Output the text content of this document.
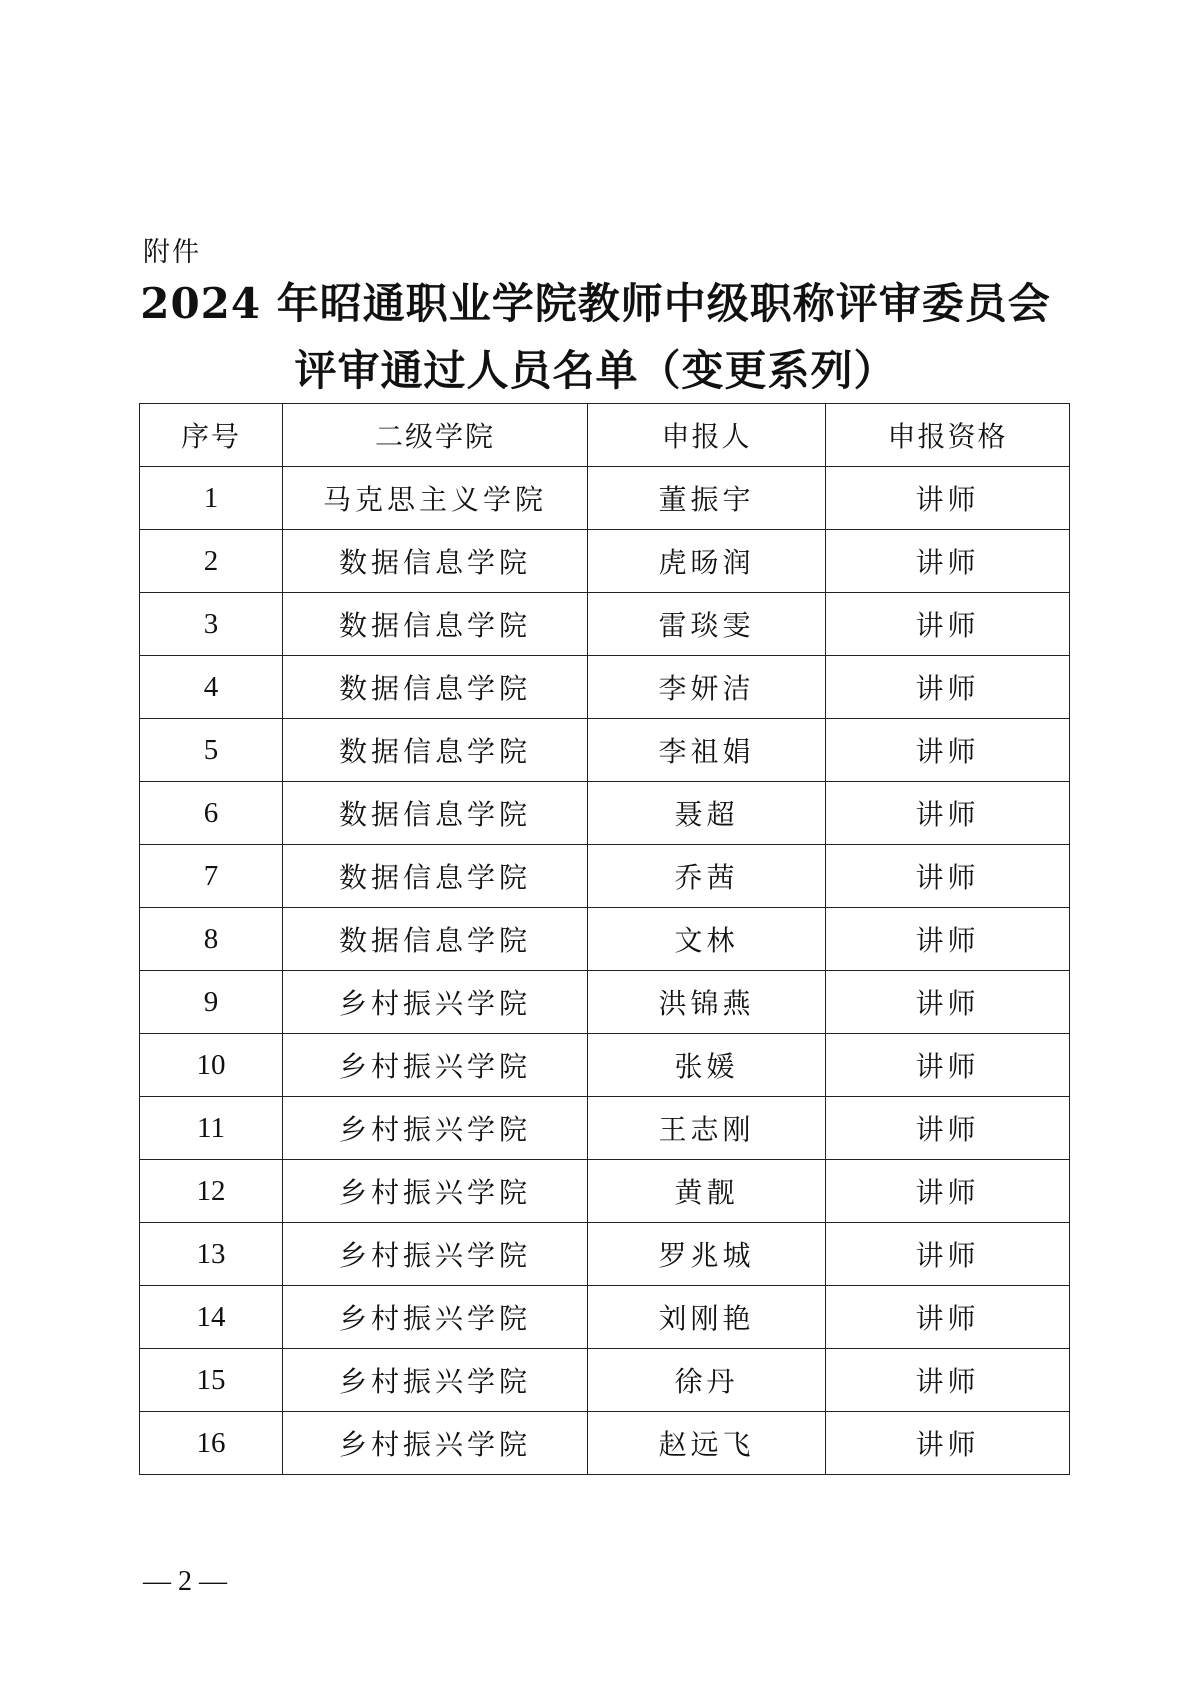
附件
2024 年昭通职业学院教师中级职称评审委员会
评审通过人员名单（变更系列）
序号	二级学院	申报人	申报资格
1	马克思主义学院	董振宇	讲师
2	数据信息学院	虎旸润	讲师
3	数据信息学院	雷琰雯	讲师
4	数据信息学院	李妍洁	讲师
5	数据信息学院	李祖娟	讲师
6	数据信息学院	聂超	讲师
7	数据信息学院	乔茜	讲师
8	数据信息学院	文林	讲师
9	乡村振兴学院	洪锦燕	讲师
10	乡村振兴学院	张媛	讲师
11	乡村振兴学院	王志刚	讲师
12	乡村振兴学院	黄靓	讲师
13	乡村振兴学院	罗兆城	讲师
14	乡村振兴学院	刘刚艳	讲师
15	乡村振兴学院	徐丹	讲师
16	乡村振兴学院	赵远飞	讲师
— 2 —
